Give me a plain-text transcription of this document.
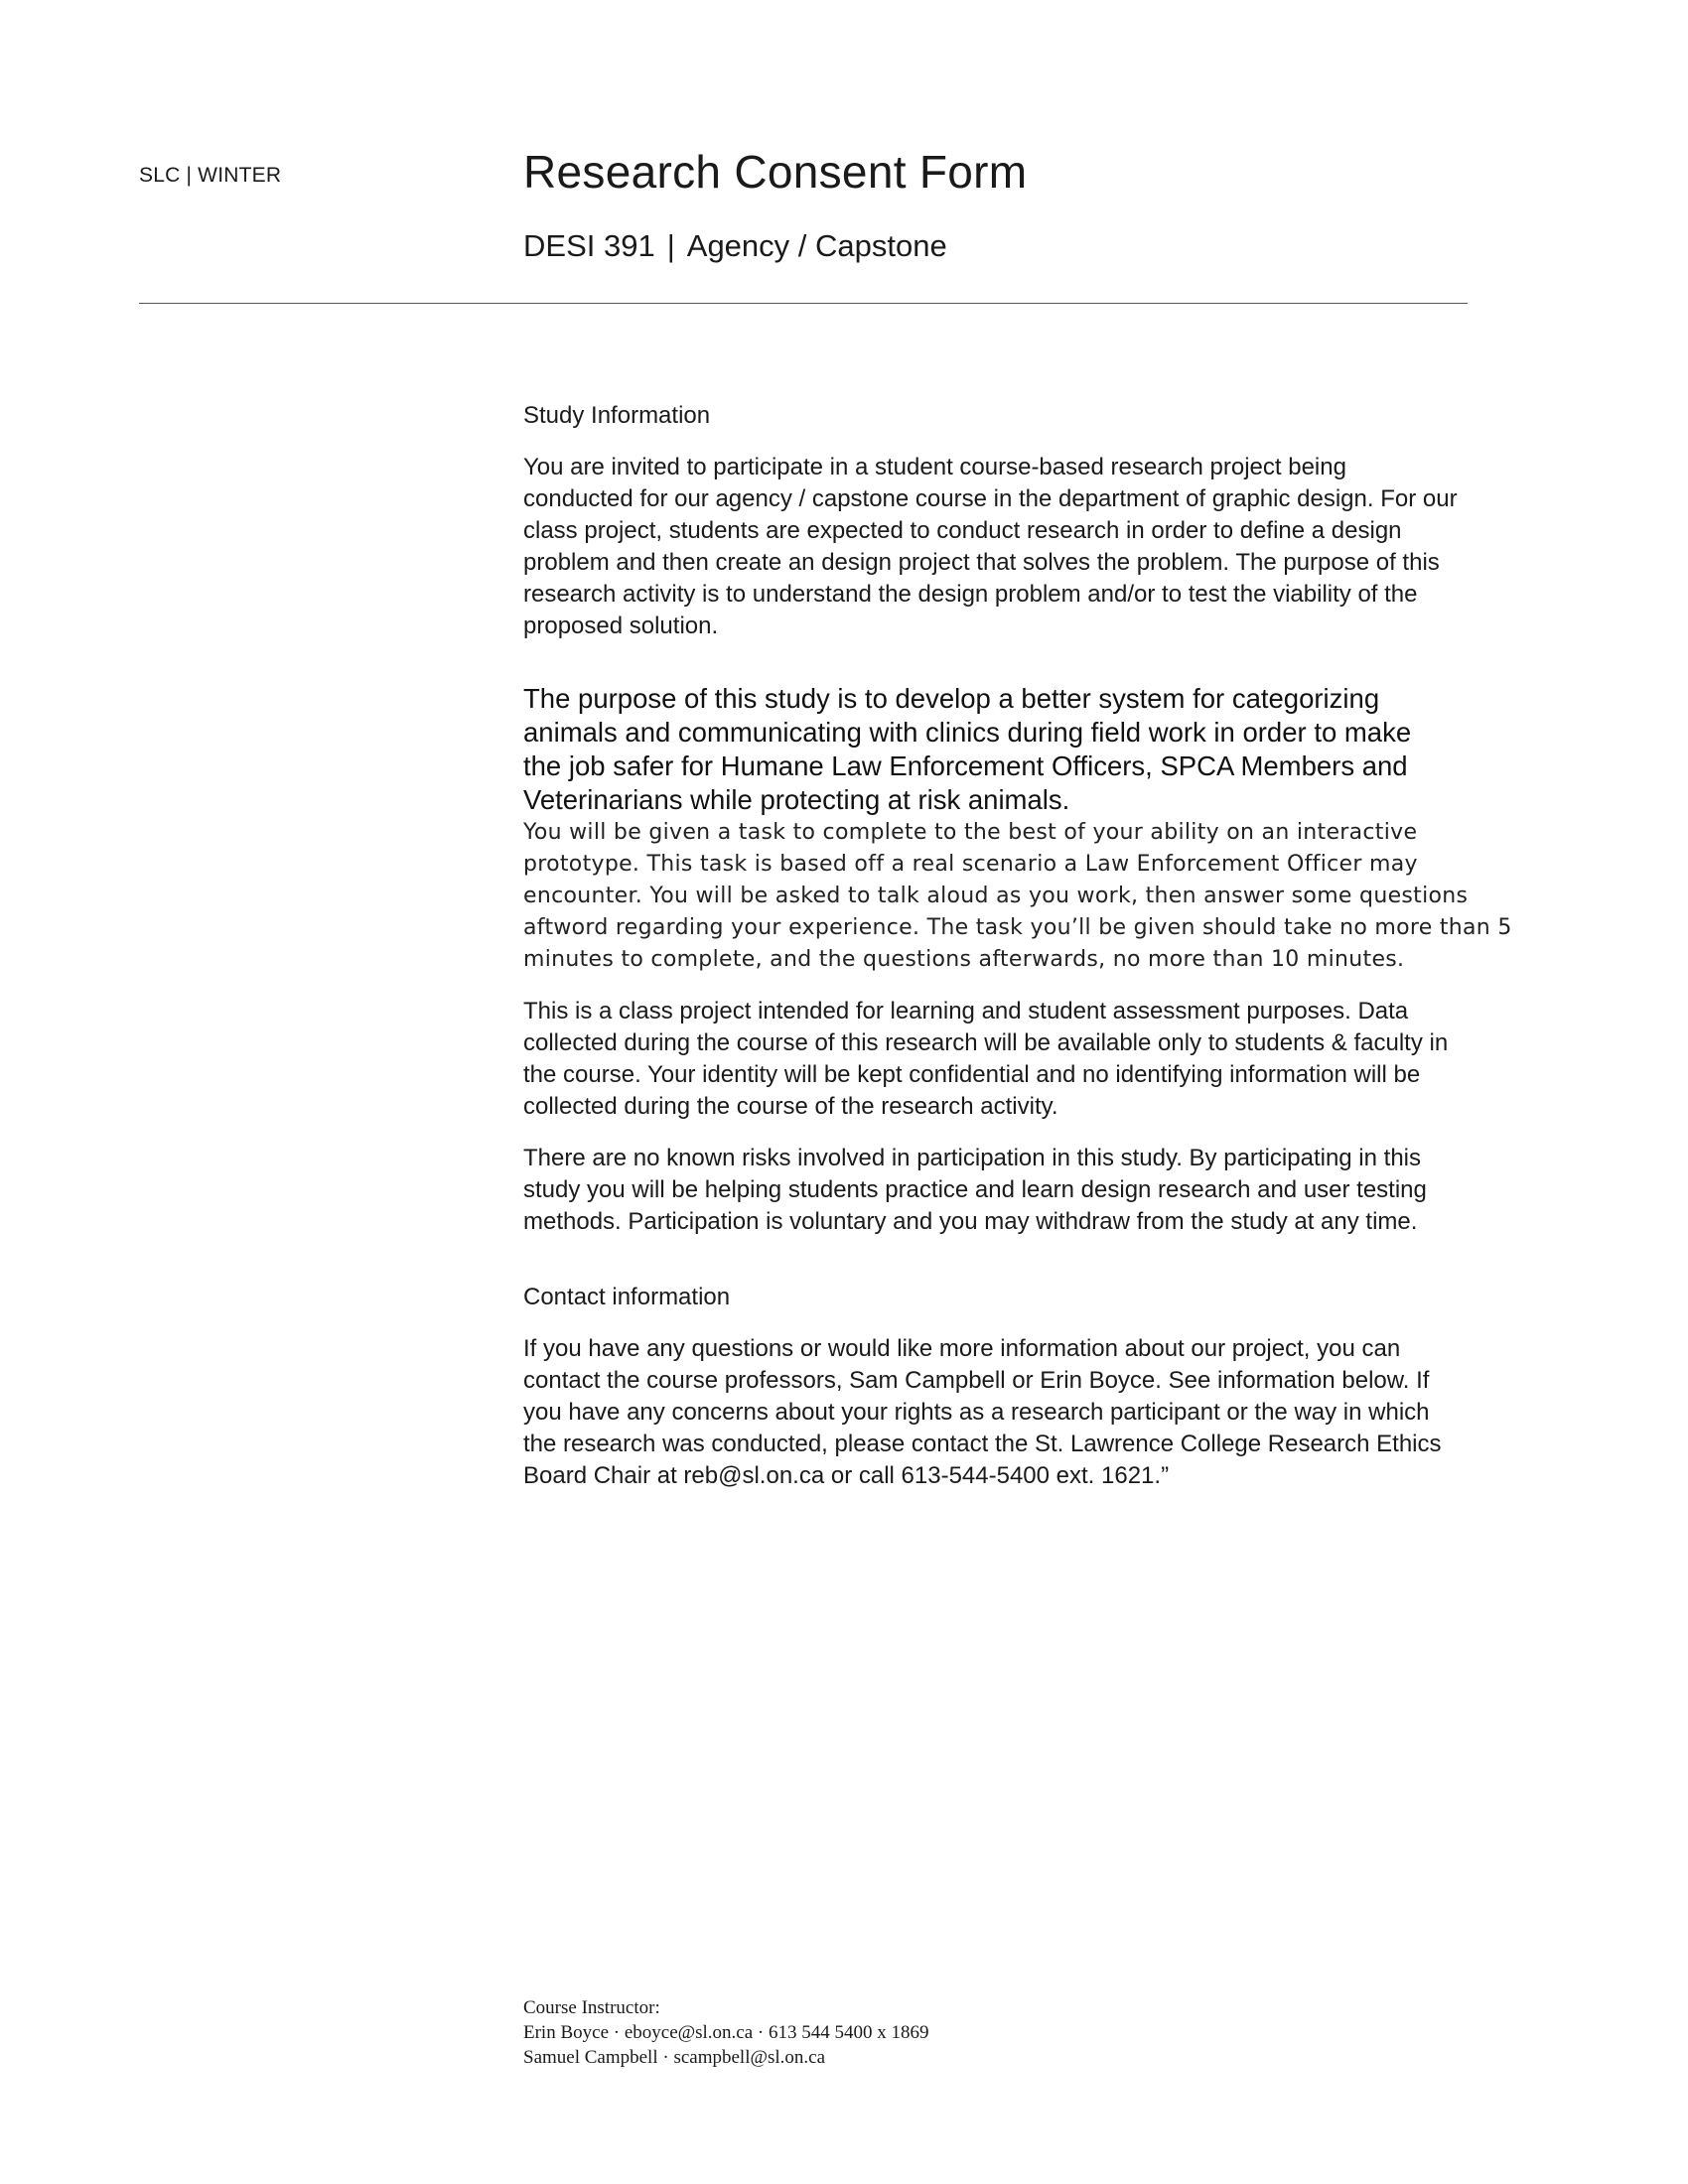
SLC | WINTER	Research Consent Form
DESI 391 | Agency / Capstone
Study Information

You are invited to participate in a student course-based research project being conducted for our agency / capstone course in the department of graphic design. For our class project, students are expected to conduct research in order to define a design problem and then create an design project that solves the problem. The purpose of this research activity is to understand the design problem and/or to test the viability of the proposed solution.

The purpose of this study is to develop a better system for categorizing animals and communicating with clinics during field work in order to make the job safer for Humane Law Enforcement Officers, SPCA Members and Veterinarians while protecting at risk animals.

You will be given a task to complete to the best of your ability on an interactive prototype. This task is based off a real scenario a Law Enforcement Officer may encounter. You will be asked to talk aloud as you work, then answer some questions aftword regarding your experience. The task you’ll be given should take no more than 5 minutes to complete, and the questions afterwards, no more than 10 minutes.

This is a class project intended for learning and student assessment purposes. Data collected during the course of this research will be available only to students & faculty in the course. Your identity will be kept confidential and no identifying information will be collected during the course of the research activity.

There are no known risks involved in participation in this study. By participating in this study you will be helping students practice and learn design research and user testing methods. Participation is voluntary and you may withdraw from the study at any time.

Contact information

If you have any questions or would like more information about our project, you can contact the course professors, Sam Campbell or Erin Boyce. See information below. If you have any concerns about your rights as a research participant or the way in which the research was conducted, please contact the St. Lawrence College Research Ethics Board Chair at reb@sl.on.ca or call 613-544-5400 ext. 1621.”

Course Instructor:
Erin Boyce · eboyce@sl.on.ca · 613 544 5400 x 1869
Samuel Campbell · scampbell@sl.on.ca
